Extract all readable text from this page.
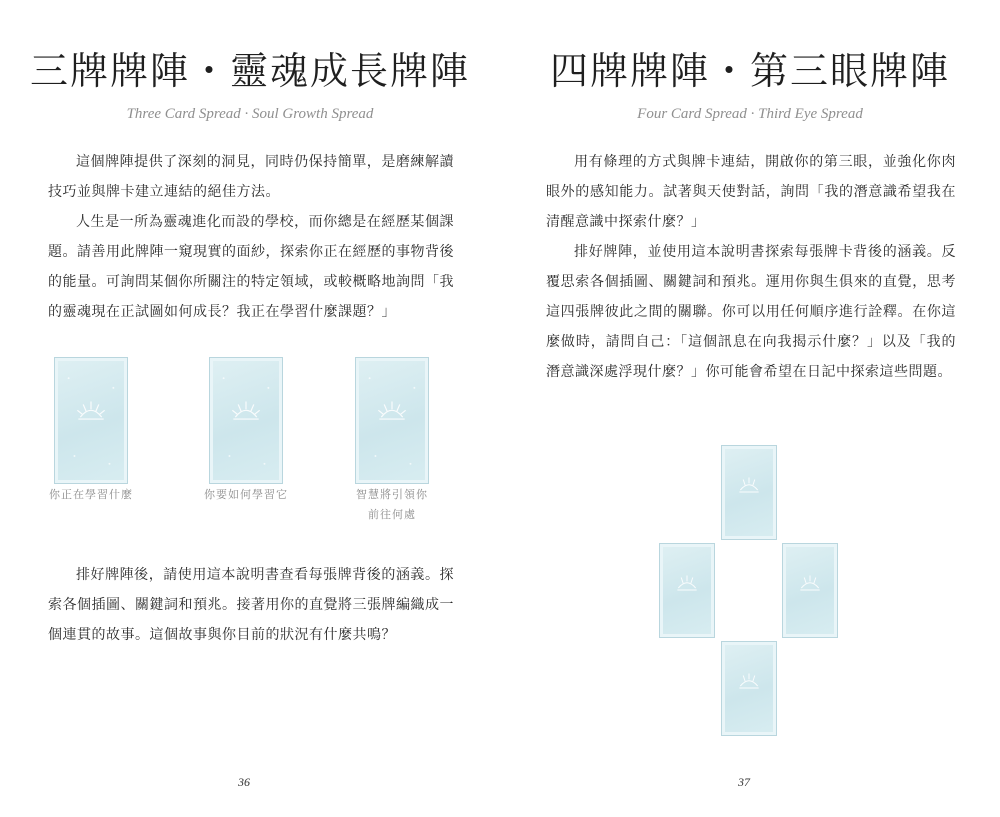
三牌牌陣・靈魂成長牌陣
Three Card Spread · Soul Growth Spread

這個牌陣提供了深刻的洞見，同時仍保持簡單，是磨練解讀技巧並與牌卡建立連結的絕佳方法。

人生是一所為靈魂進化而設的學校，而你總是在經歷某個課題。請善用此牌陣一窺現實的面紗，探索你正在經歷的事物背後的能量。可詢問某個你所關注的特定領域，或較概略地詢問「我的靈魂現在正試圖如何成長？我正在學習什麼課題？」

你正在學習什麼	你要如何學習它	智慧將引領你
前往何處

排好牌陣後，請使用這本說明書查看每張牌背後的涵義。探索各個插圖、關鍵詞和預兆。接著用你的直覺將三張牌編織成一個連貫的故事。這個故事與你目前的狀況有什麼共鳴？

36
四牌牌陣・第三眼牌陣
Four Card Spread · Third Eye Spread

用有條理的方式與牌卡連結，開啟你的第三眼，並強化你肉眼外的感知能力。試著與天使對話，詢問「我的潛意識希望我在清醒意識中探索什麼？」

排好牌陣，並使用這本說明書探索每張牌卡背後的涵義。反覆思索各個插圖、關鍵詞和預兆。運用你與生俱來的直覺，思考這四張牌彼此之間的關聯。你可以用任何順序進行詮釋。在你這麼做時，請問自己：「這個訊息在向我揭示什麼？」以及「我的潛意識深處浮現什麼？」你可能會希望在日記中探索這些問題。

37
